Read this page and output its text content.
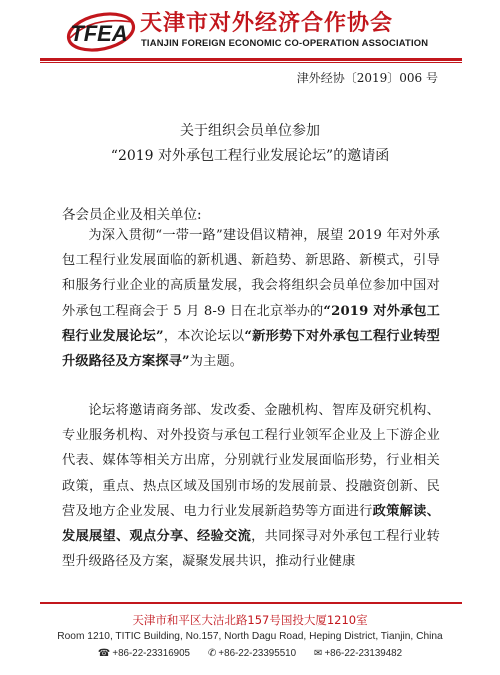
TFEA 天津市对外经济合作协会
TIANJIN FOREIGN ECONOMIC CO-OPERATION ASSOCIATION
津外经协〔2019〕006 号
关于组织会员单位参加
“2019 对外承包工程行业发展论坛”的邀请函
各会员企业及相关单位:

为深入贯彻“一带一路”建设倡议精神，展望 2019 年对外承包工程行业发展面临的新机遇、新趋势、新思路、新模式，引导和服务行业企业的高质量发展，我会将组织会员单位参加中国对外承包工程商会于 5 月 8-9 日在北京举办的“2019 对外承包工程行业发展论坛”，本次论坛以“新形势下对外承包工程行业转型升级路径及方案探寻”为主题。

论坛将邀请商务部、发改委、金融机构、智库及研究机构、专业服务机构、对外投资与承包工程行业领军企业及上下游企业代表、媒体等相关方出席，分别就行业发展面临形势，行业相关政策，重点、热点区域及国别市场的发展前景、投融资创新、民营及地方企业发展、电力行业发展新趋势等方面进行政策解读、发展展望、观点分享、经验交流，共同探寻对外承包工程行业转型升级路径及方案，凝聚发展共识，推动行业健康

天津市和平区大沽北路157号国投大厦1210室
Room 1210, TITIC Building, No.157, North Dagu Road, Heping District, Tianjin, China
☎ +86-22-23316905 ✆ +86-22-23395510 ✉ +86-22-23139482
